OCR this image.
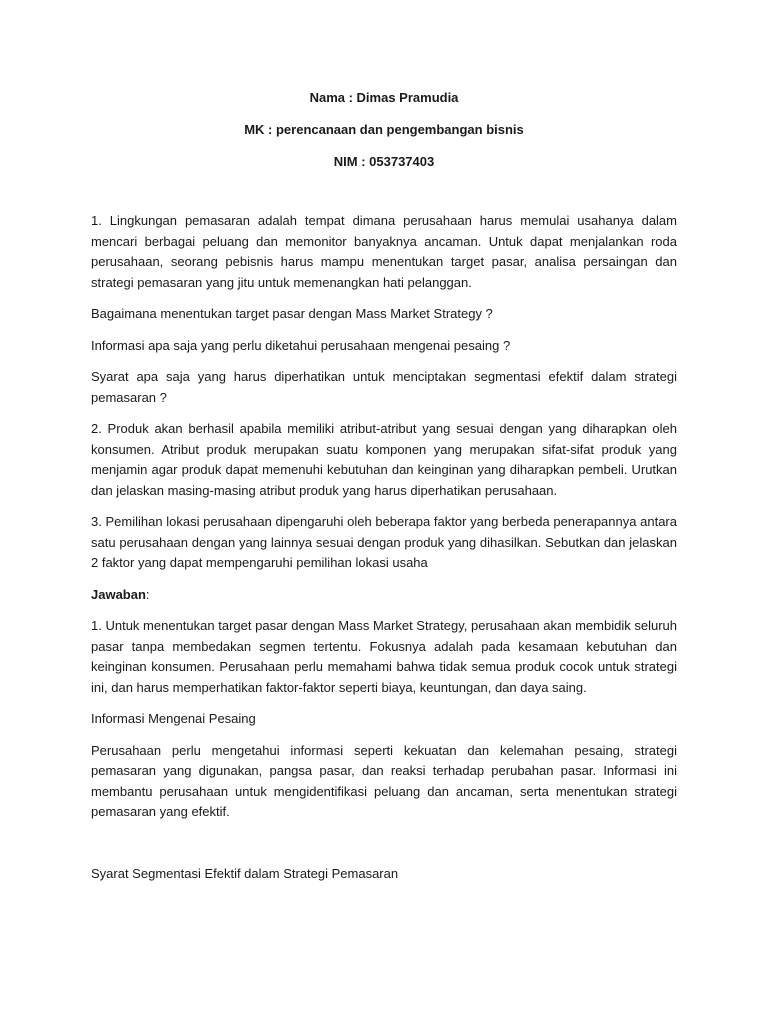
Nama : Dimas Pramudia

MK : perencanaan dan pengembangan bisnis

NIM : 053737403

1. Lingkungan pemasaran adalah tempat dimana perusahaan harus memulai usahanya dalam mencari berbagai peluang dan memonitor banyaknya ancaman. Untuk dapat menjalankan roda perusahaan, seorang pebisnis harus mampu menentukan target pasar, analisa persaingan dan strategi pemasaran yang jitu untuk memenangkan hati pelanggan.

Bagaimana menentukan target pasar dengan Mass Market Strategy ?

Informasi apa saja yang perlu diketahui perusahaan mengenai pesaing ?

Syarat apa saja yang harus diperhatikan untuk menciptakan segmentasi efektif dalam strategi pemasaran ?

2. Produk akan berhasil apabila memiliki atribut-atribut yang sesuai dengan yang diharapkan oleh konsumen. Atribut produk merupakan suatu komponen yang merupakan sifat-sifat produk yang menjamin agar produk dapat memenuhi kebutuhan dan keinginan yang diharapkan pembeli. Urutkan dan jelaskan masing-masing atribut produk yang harus diperhatikan perusahaan.

3. Pemilihan lokasi perusahaan dipengaruhi oleh beberapa faktor yang berbeda penerapannya antara satu perusahaan dengan yang lainnya sesuai dengan produk yang dihasilkan. Sebutkan dan jelaskan 2 faktor yang dapat mempengaruhi pemilihan lokasi usaha

Jawaban:

1. Untuk menentukan target pasar dengan Mass Market Strategy, perusahaan akan membidik seluruh pasar tanpa membedakan segmen tertentu. Fokusnya adalah pada kesamaan kebutuhan dan keinginan konsumen. Perusahaan perlu memahami bahwa tidak semua produk cocok untuk strategi ini, dan harus memperhatikan faktor-faktor seperti biaya, keuntungan, dan daya saing.

Informasi Mengenai Pesaing

Perusahaan perlu mengetahui informasi seperti kekuatan dan kelemahan pesaing, strategi pemasaran yang digunakan, pangsa pasar, dan reaksi terhadap perubahan pasar. Informasi ini membantu perusahaan untuk mengidentifikasi peluang dan ancaman, serta menentukan strategi pemasaran yang efektif.

Syarat Segmentasi Efektif dalam Strategi Pemasaran
